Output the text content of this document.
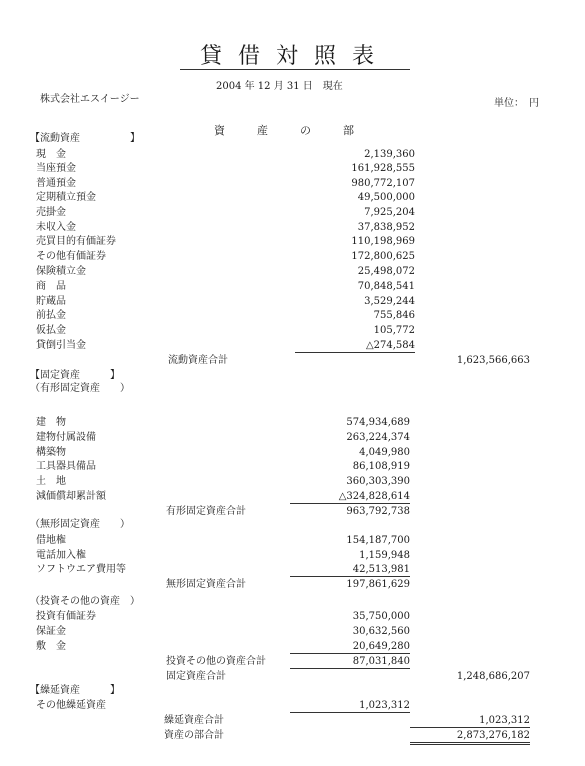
貸借対照表
2004 年 12 月 31 日　現在
株式会社エスイージー	単位：　円
資産の部
【流動資産　　　　　】
【固定資産　　　】
（有形固定資産　　）
（無形固定資産　　）
（投資その他の資産　）
【繰延資産　　　】
現　金	2,139,360
当座預金	161,928,555
普通預金	980,772,107
定期積立預金	49,500,000
売掛金	7,925,204
未収入金	37,838,952
売買目的有価証券	110,198,969
その他有価証券	172,800,625
保険積立金	25,498,072
商　品	70,848,541
貯蔵品	3,529,244
前払金	755,846
仮払金	105,772
貸倒引当金	△274,584
流動資産合計	1,623,566,663
建　物	574,934,689
建物付属設備	263,224,374
構築物	4,049,980
工具器具備品	86,108,919
土　地	360,303,390
減価償却累計額	△324,828,614
有形固定資産合計	963,792,738
借地権	154,187,700
電話加入権	1,159,948
ソフトウエア費用等	42,513,981
無形固定資産合計	197,861,629
投資有価証券	35,750,000
保証金	30,632,560
敷　金	20,649,280
投資その他の資産合計	87,031,840
固定資産合計	1,248,686,207
その他繰延資産	1,023,312
繰延資産合計	1,023,312
資産の部合計	2,873,276,182
